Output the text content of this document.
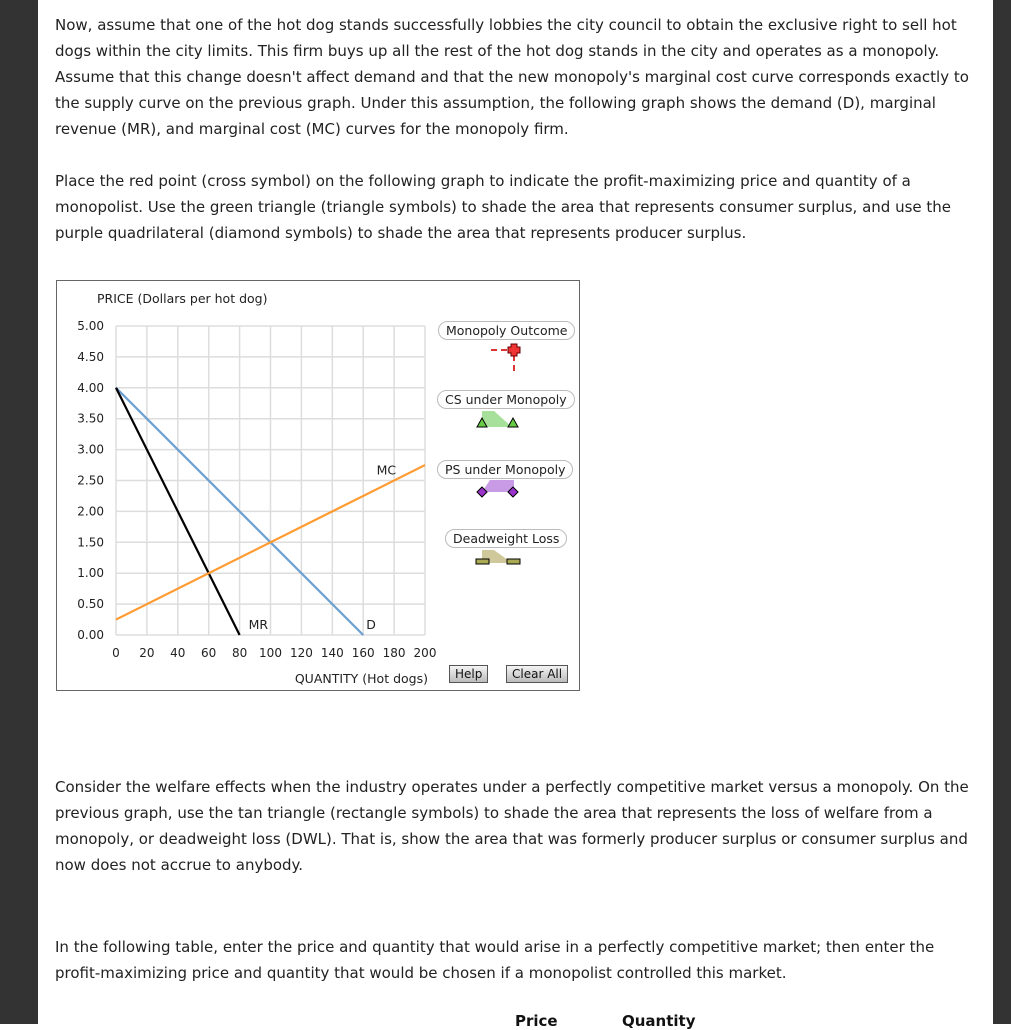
Now, assume that one of the hot dog stands successfully lobbies the city council to obtain the exclusive right to sell hot dogs within the city limits. This firm buys up all the rest of the hot dog stands in the city and operates as a monopoly. Assume that this change doesn't affect demand and that the new monopoly's marginal cost curve corresponds exactly to the supply curve on the previous graph. Under this assumption, the following graph shows the demand (D), marginal revenue (MR), and marginal cost (MC) curves for the monopoly firm.

Place the red point (cross symbol) on the following graph to indicate the profit-maximizing price and quantity of a monopolist. Use the green triangle (triangle symbols) to shade the area that represents consumer surplus, and use the purple quadrilateral (diamond symbols) to shade the area that represents producer surplus.

PRICE (Dollars per hot dog)
0 20 40 60 80 100 120 140 160 180 200
0.00
0.50
1.00
1.50
2.00
2.50
3.00
3.50
4.00
4.50
5.00
QUANTITY (Hot dogs)
D
MR
MC
Monopoly Outcome
CS under Monopoly
PS under Monopoly
Deadweight Loss
Help	Clear All

Consider the welfare effects when the industry operates under a perfectly competitive market versus a monopoly. On the previous graph, use the tan triangle (rectangle symbols) to shade the area that represents the loss of welfare from a monopoly, or deadweight loss (DWL). That is, show the area that was formerly producer surplus or consumer surplus and now does not accrue to anybody.

In the following table, enter the price and quantity that would arise in a perfectly competitive market; then enter the profit-maximizing price and quantity that would be chosen if a monopolist controlled this market.

Price	Quantity
